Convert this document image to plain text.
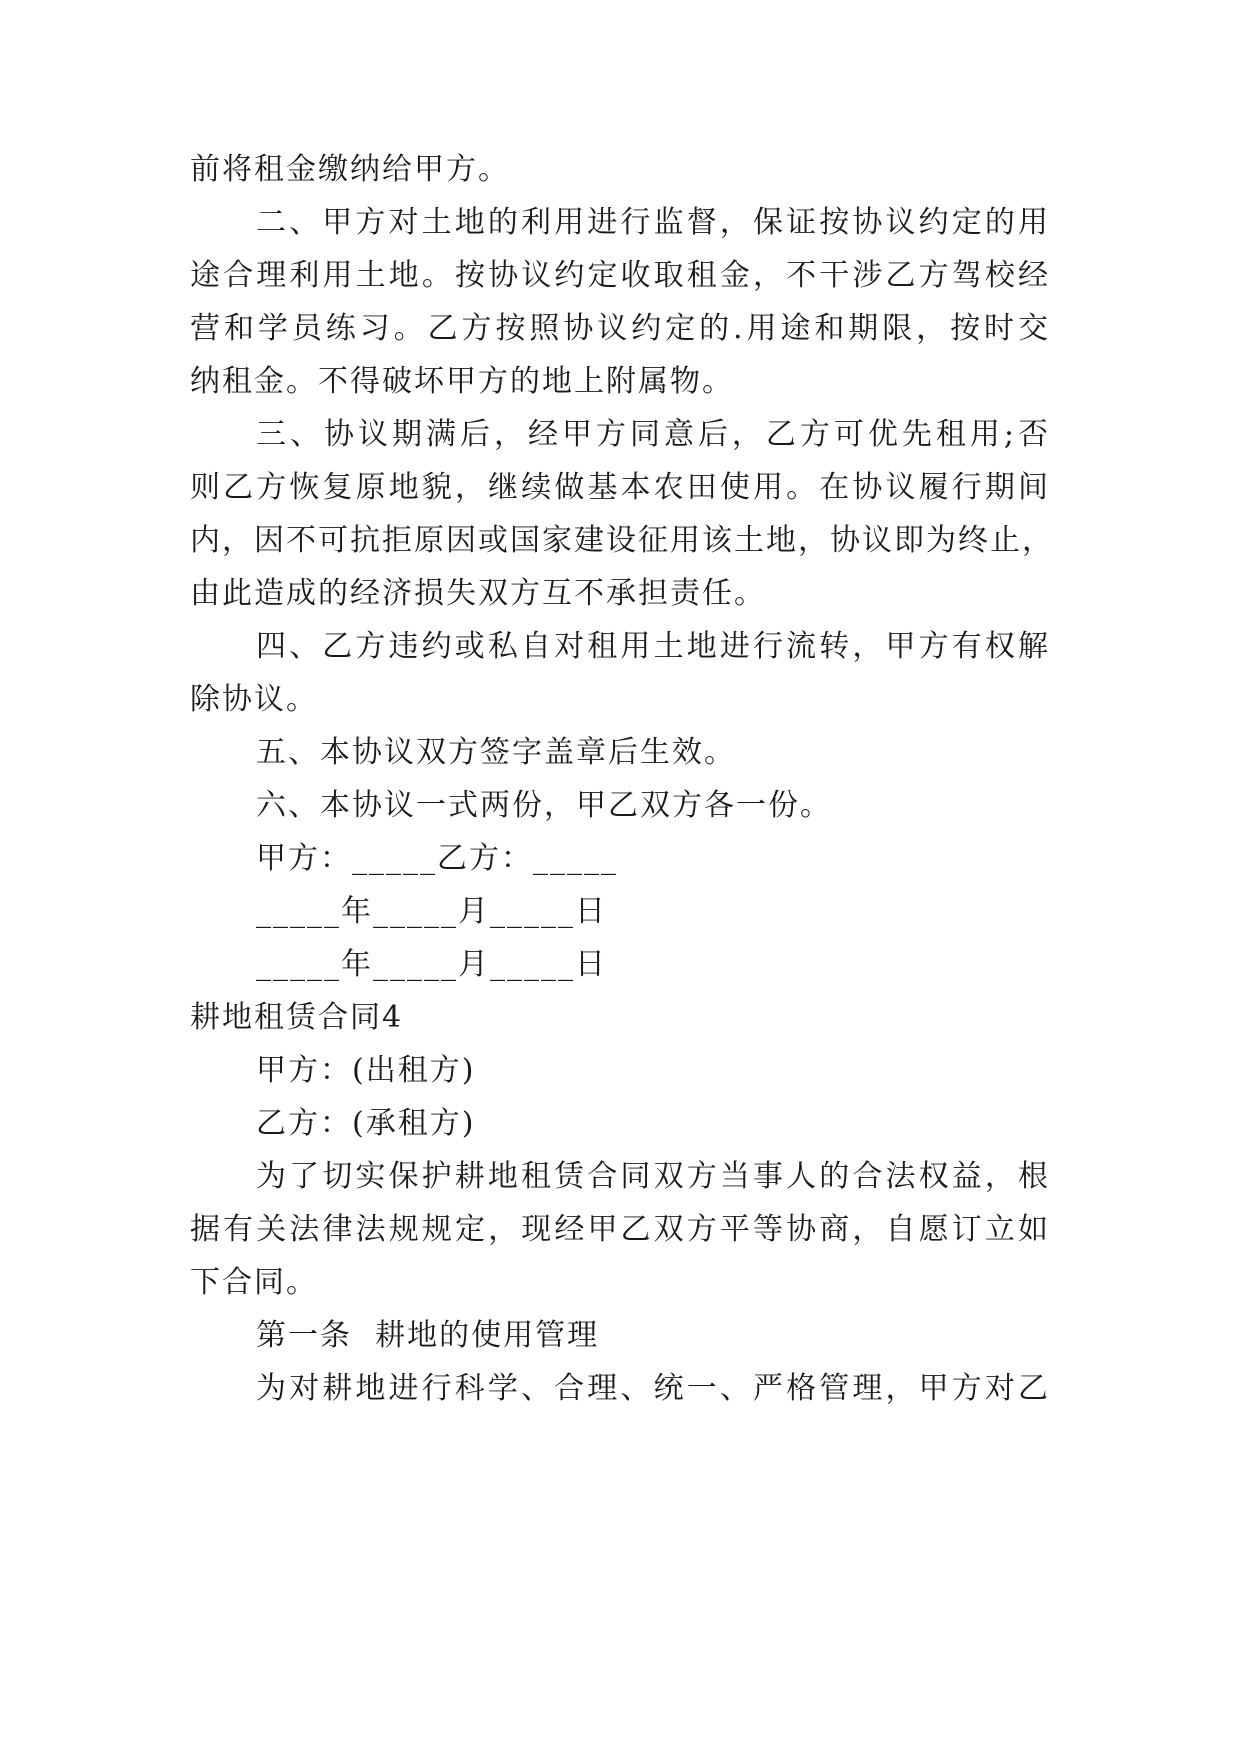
前将租金缴纳给甲方。
二、甲方对土地的利用进行监督，保证按协议约定的用
途合理利用土地。按协议约定收取租金，不干涉乙方驾校经
营和学员练习。乙方按照协议约定的.用途和期限，按时交
纳租金。不得破坏甲方的地上附属物。
三、协议期满后，经甲方同意后，乙方可优先租用;否
则乙方恢复原地貌，继续做基本农田使用。在协议履行期间
内，因不可抗拒原因或国家建设征用该土地，协议即为终止，
由此造成的经济损失双方互不承担责任。
四、乙方违约或私自对租用土地进行流转，甲方有权解
除协议。
五、本协议双方签字盖章后生效。
六、本协议一式两份，甲乙双方各一份。
甲方：_____乙方：_____
_____年_____月_____日
_____年_____月_____日
耕地租赁合同4
甲方：(出租方)
乙方：(承租方)
为了切实保护耕地租赁合同双方当事人的合法权益，根
据有关法律法规规定，现经甲乙双方平等协商，自愿订立如
下合同。
第一条  耕地的使用管理
为对耕地进行科学、合理、统一、严格管理，甲方对乙
